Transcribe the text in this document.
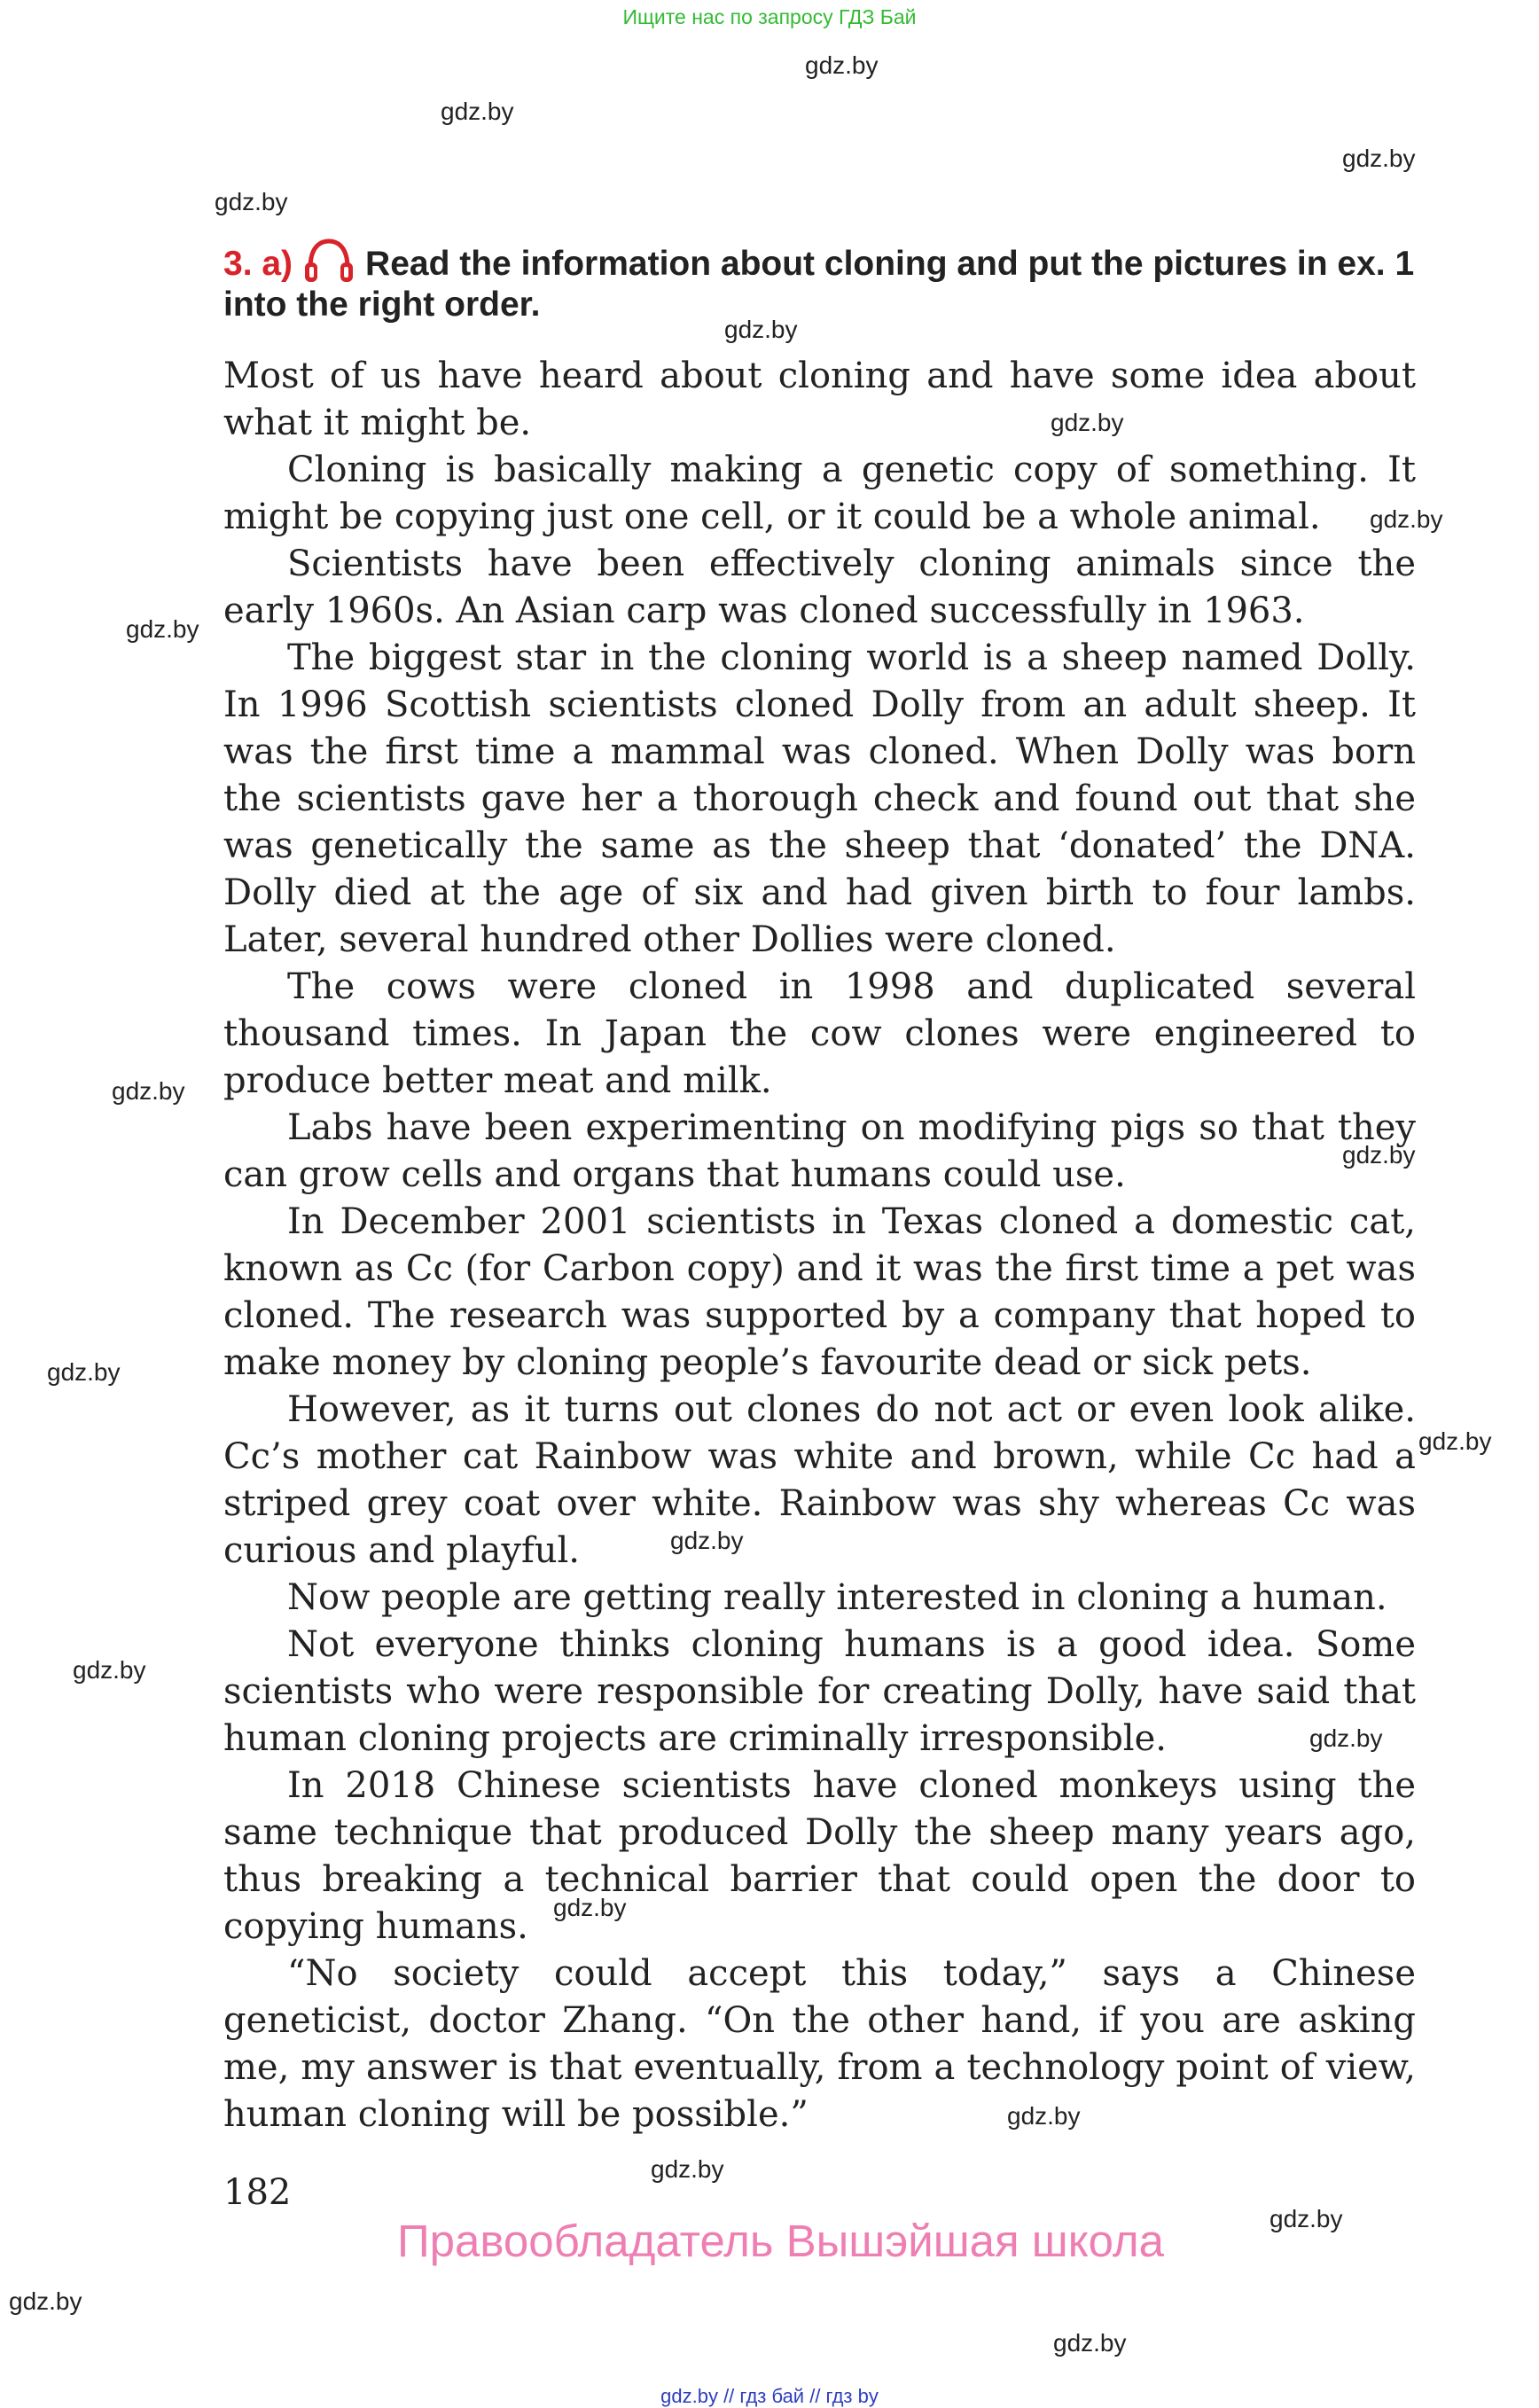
Ищите нас по запросу ГДЗ Бай
gdz.by
gdz.by
gdz.by
gdz.by
gdz.by
gdz.by
gdz.by
gdz.by
gdz.by
gdz.by
gdz.by
gdz.by
gdz.by
gdz.by
gdz.by
gdz.by
gdz.by
gdz.by
gdz.by
gdz.by
gdz.by
3. a) Read the information about cloning and put the pictures in ex. 1 into the right order.

Most of us have heard about cloning and have some idea about what it might be.

Cloning is basically making a genetic copy of something. It might be copying just one cell, or it could be a whole animal.

Scientists have been effectively cloning animals since the early 1960s. An Asian carp was cloned successfully in 1963.

The biggest star in the cloning world is a sheep named Dolly. In 1996 Scottish scientists cloned Dolly from an adult sheep. It was the first time a mammal was cloned. When Dolly was born the scientists gave her a thorough check and found out that she was genetically the same as the sheep that ‘donated’ the DNA. Dolly died at the age of six and had given birth to four lambs. Later, several hundred other Dollies were cloned.

The cows were cloned in 1998 and duplicated several thousand times. In Japan the cow clones were engineered to produce better meat and milk.

Labs have been experimenting on modifying pigs so that they can grow cells and organs that humans could use.

In December 2001 scientists in Texas cloned a domestic cat, known as Cc (for Carbon copy) and it was the first time a pet was cloned. The research was supported by a company that hoped to make money by cloning people’s favourite dead or sick pets.

However, as it turns out clones do not act or even look alike. Cc’s mother cat Rainbow was white and brown, while Cc had a striped grey coat over white. Rainbow was shy whereas Cc was curious and playful.

Now people are getting really interested in cloning a human.

Not everyone thinks cloning humans is a good idea. Some scientists who were responsible for creating Dolly, have said that human cloning projects are criminally irresponsible.

In 2018 Chinese scientists have cloned monkeys using the same technique that produced Dolly the sheep many years ago, thus breaking a technical barrier that could open the door to copying humans.

“No society could accept this today,” says a Chinese geneticist, doctor Zhang. “On the other hand, if you are asking me, my answer is that eventually, from a technology point of view, human cloning will be possible.”

182
Правообладатель Вышэйшая школа
gdz.by // гдз бай // гдз by
